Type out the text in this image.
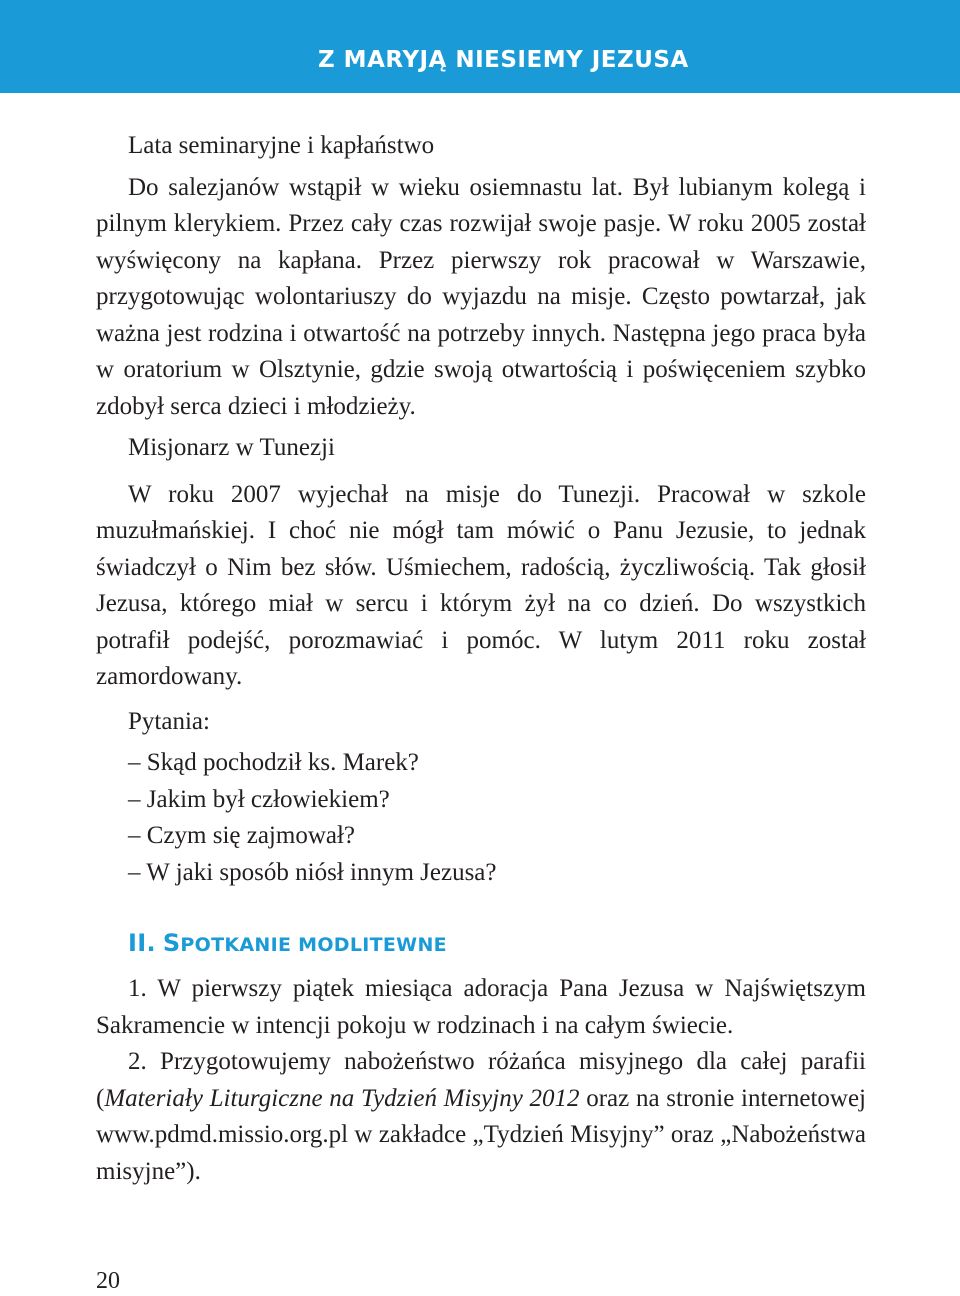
Z MARYJĄ NIESIEMY JEZUSA
Lata seminaryjne i kapłaństwo

Do salezjanów wstąpił w wieku osiemnastu lat. Był lubianym kolegą i pilnym klerykiem. Przez cały czas rozwijał swoje pasje. W roku 2005 został wyświęcony na kapłana. Przez pierwszy rok pracował w Warszawie, przygotowując wolontariuszy do wyjazdu na misje. Często powtarzał, jak ważna jest rodzina i otwartość na potrzeby innych. Następna jego praca była w oratorium w Olsztynie, gdzie swoją otwartością i poświęceniem szybko zdobył serca dzieci i młodzieży.

Misjonarz w Tunezji

W roku 2007 wyjechał na misje do Tunezji. Pracował w szkole muzułmańskiej. I choć nie mógł tam mówić o Panu Jezusie, to jednak świadczył o Nim bez słów. Uśmiechem, radością, życzliwością. Tak głosił Jezusa, którego miał w sercu i którym żył na co dzień. Do wszystkich potrafił podejść, porozmawiać i pomóc. W lutym 2011 roku został zamordowany.

Pytania:
– Skąd pochodził ks. Marek?
– Jakim był człowiekiem?
– Czym się zajmował?
– W jaki sposób niósł innym Jezusa?
II. SPOTKANIE MODLITEWNE

1. W pierwszy piątek miesiąca adoracja Pana Jezusa w Najświętszym Sakramencie w intencji pokoju w rodzinach i na całym świecie.

2. Przygotowujemy nabożeństwo różańca misyjnego dla całej parafii (Materiały Liturgiczne na Tydzień Misyjny 2012 oraz na stronie internetowej www.pdmd.missio.org.pl w zakładce „Tydzień Misyjny” oraz „Nabożeństwa misyjne”).

20
